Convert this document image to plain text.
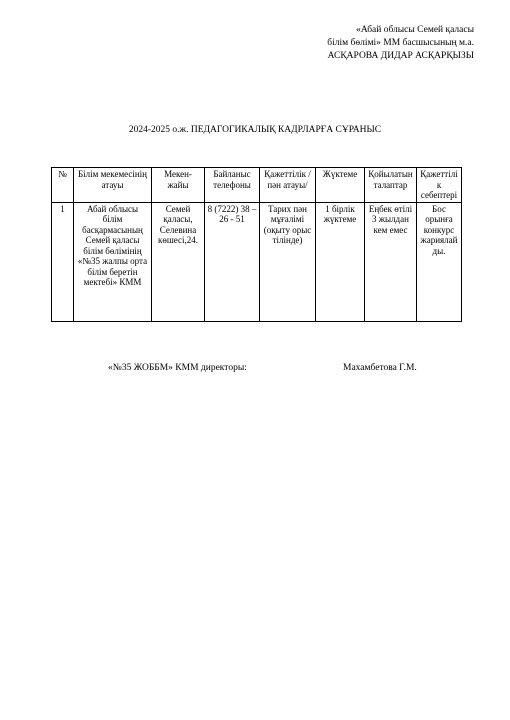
«Абай облысы Семей қаласы
білім бөлімі» ММ басшысының м.а.
АСҚАРОВА ДИДАР АСҚАРҚЫЗЫ
2024-2025 о.ж. ПЕДАГОГИКАЛЫҚ КАДРЛАРҒА СҰРАНЫС
№	Білім мекемесінің атауы	Мекен-жайы	Байланыс телефоны	Қажеттілік /пән атауы/	Жүктеме	Қойылатын талаптар	Қажеттілік себептері
1	Абай облысы білім басқармасының Семей қаласы білім бөлімінің «№35 жалпы орта білім беретін мектебі» КММ	Семей қаласы, Селевина көшесі,24.	8 (7222) 38 – 26 - 51	Тарих пән мұғалімі (оқыту орыс тілінде)	1 бірлік жүктеме	Еңбек өтілі 3 жылдан кем емес	Бос орынға конкурс жариялайды.
«№35 ЖОББМ» КММ директоры:	Махамбетова Г.М.
